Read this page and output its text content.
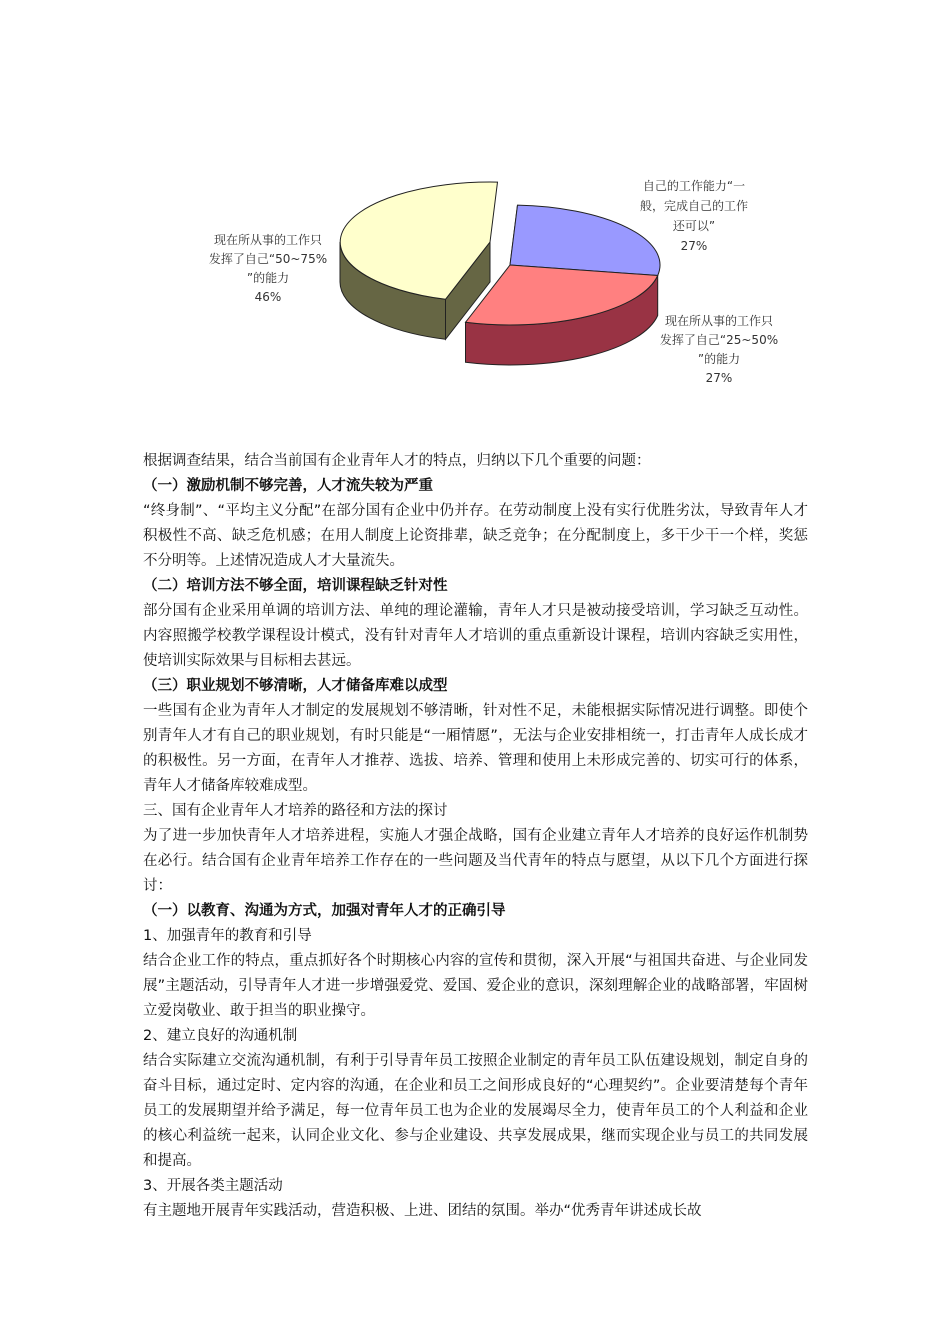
自己的工作能力“一
般，完成自己的工作
还可以”
27%
现在所从事的工作只
发挥了自己“25~50%
”的能力
27%
现在所从事的工作只
发挥了自己“50~75%
”的能力
46%

根据调查结果，结合当前国有企业青年人才的特点，归纳以下几个重要的问题：

（一）激励机制不够完善，人才流失较为严重

“终身制”、“平均主义分配”在部分国有企业中仍并存。在劳动制度上没有实行优胜劣汰，导致青年人才积极性不高、缺乏危机感；在用人制度上论资排辈，缺乏竞争；在分配制度上，多干少干一个样，奖惩不分明等。上述情况造成人才大量流失。

（二）培训方法不够全面，培训课程缺乏针对性

部分国有企业采用单调的培训方法、单纯的理论灌输，青年人才只是被动接受培训，学习缺乏互动性。内容照搬学校教学课程设计模式，没有针对青年人才培训的重点重新设计课程，培训内容缺乏实用性，使培训实际效果与目标相去甚远。

（三）职业规划不够清晰，人才储备库难以成型

一些国有企业为青年人才制定的发展规划不够清晰，针对性不足，未能根据实际情况进行调整。即使个别青年人才有自己的职业规划，有时只能是“一厢情愿”，无法与企业安排相统一，打击青年人成长成才的积极性。另一方面，在青年人才推荐、选拔、培养、管理和使用上未形成完善的、切实可行的体系，青年人才储备库较难成型。

三、国有企业青年人才培养的路径和方法的探讨

为了进一步加快青年人才培养进程，实施人才强企战略，国有企业建立青年人才培养的良好运作机制势在必行。结合国有企业青年培养工作存在的一些问题及当代青年的特点与愿望，从以下几个方面进行探讨：

（一）以教育、沟通为方式，加强对青年人才的正确引导

1、加强青年的教育和引导

结合企业工作的特点，重点抓好各个时期核心内容的宣传和贯彻，深入开展“与祖国共奋进、与企业同发展”主题活动，引导青年人才进一步增强爱党、爱国、爱企业的意识，深刻理解企业的战略部署，牢固树立爱岗敬业、敢于担当的职业操守。

2、建立良好的沟通机制

结合实际建立交流沟通机制，有利于引导青年员工按照企业制定的青年员工队伍建设规划，制定自身的奋斗目标，通过定时、定内容的沟通，在企业和员工之间形成良好的“心理契约”。企业要清楚每个青年员工的发展期望并给予满足，每一位青年员工也为企业的发展竭尽全力，使青年员工的个人利益和企业的核心利益统一起来，认同企业文化、参与企业建设、共享发展成果，继而实现企业与员工的共同发展和提高。

3、开展各类主题活动

有主题地开展青年实践活动，营造积极、上进、团结的氛围。举办“优秀青年讲述成长故
